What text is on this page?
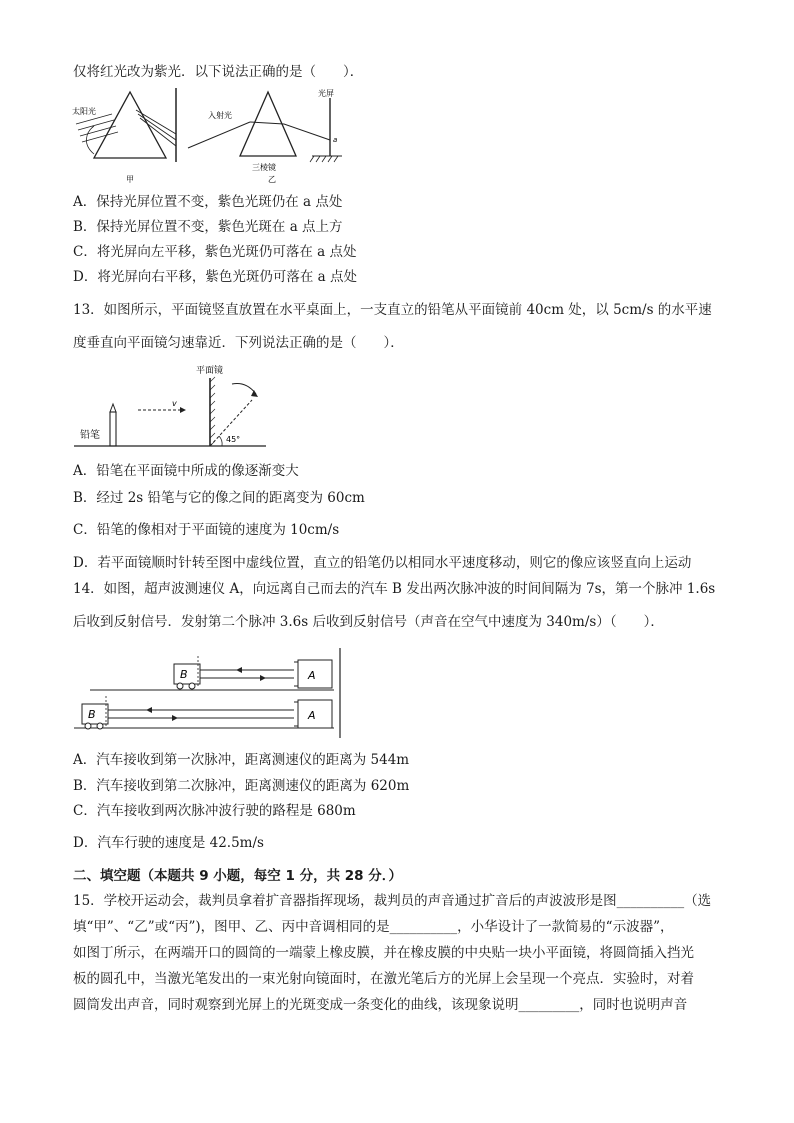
仅将红光改为紫光．以下说法正确的是（　　）．
太阳光
甲
入射光
光屏
三棱镜
a
乙
A．保持光屏位置不变，紫色光斑仍在 a 点处
B．保持光屏位置不变，紫色光斑在 a 点上方
C．将光屏向左平移，紫色光斑仍可落在 a 点处
D．将光屏向右平移，紫色光斑仍可落在 a 点处
13．如图所示，平面镜竖直放置在水平桌面上，一支直立的铅笔从平面镜前 40cm 处，以 5cm/s 的水平速
度垂直向平面镜匀速靠近．下列说法正确的是（　　）．
铅笔
v
平面镜
45°
A．铅笔在平面镜中所成的像逐渐变大
B．经过 2s 铅笔与它的像之间的距离变为 60cm
C．铅笔的像相对于平面镜的速度为 10cm/s
D．若平面镜顺时针转至图中虚线位置，直立的铅笔仍以相同水平速度移动，则它的像应该竖直向上运动
14．如图，超声波测速仪 A，向远离自己而去的汽车 B 发出两次脉冲波的时间间隔为 7s，第一个脉冲 1.6s
后收到反射信号．发射第二个脉冲 3.6s 后收到反射信号（声音在空气中速度为 340m/s）（　　）．
B	A
B	A
A．汽车接收到第一次脉冲，距离测速仪的距离为 544m
B．汽车接收到第二次脉冲，距离测速仪的距离为 620m
C．汽车接收到两次脉冲波行驶的路程是 680m
D．汽车行驶的速度是 42.5m/s
二、填空题（本题共 9 小题，每空 1 分，共 28 分．）
15．学校开运动会，裁判员拿着扩音器指挥现场，裁判员的声音通过扩音后的声波波形是图__________（选
填“甲”、“乙”或“丙”)，图甲、乙、丙中音调相同的是__________，小华设计了一款简易的“示波器”，
如图丁所示，在两端开口的圆筒的一端蒙上橡皮膜，并在橡皮膜的中央贴一块小平面镜，将圆筒插入挡光
板的圆孔中，当激光笔发出的一束光射向镜面时，在激光笔后方的光屏上会呈现一个亮点．实验时，对着
圆筒发出声音，同时观察到光屏上的光斑变成一条变化的曲线，该现象说明_________，同时也说明声音
